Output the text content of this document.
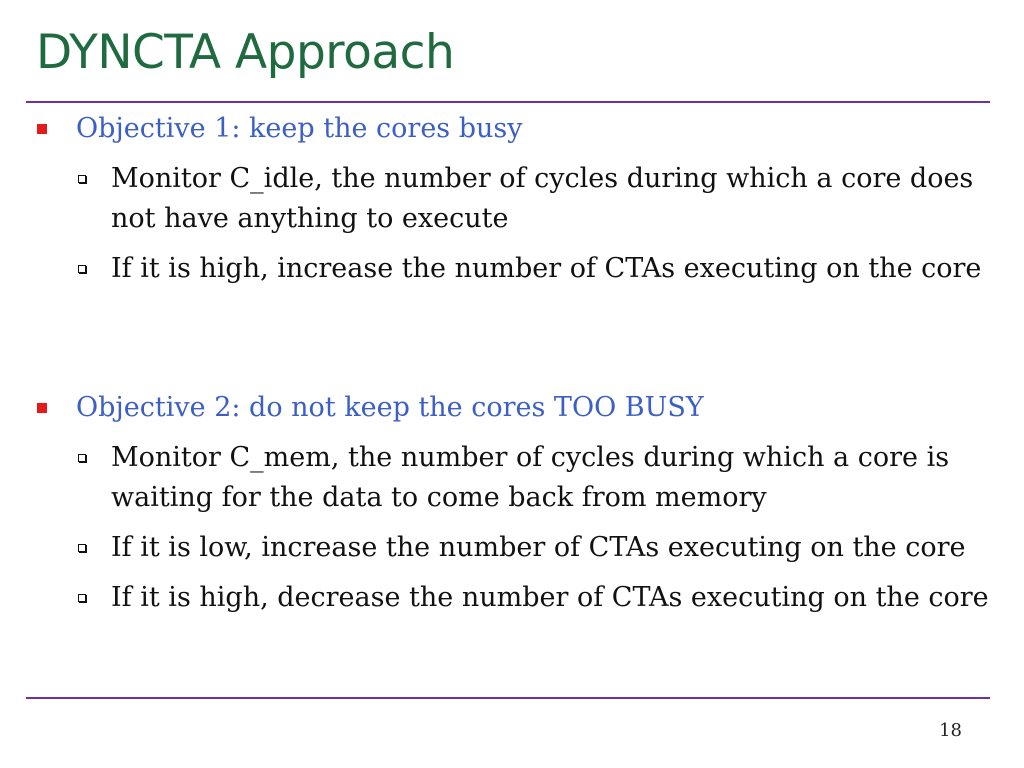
DYNCTA Approach
Objective 1: keep the cores busy
Monitor C_idle, the number of cycles during which a core does not have anything to execute
If it is high, increase the number of CTAs executing on the core
Objective 2: do not keep the cores TOO BUSY
Monitor C_mem, the number of cycles during which a core is waiting for the data to come back from memory
If it is low, increase the number of CTAs executing on the core
If it is high, decrease the number of CTAs executing on the core
18
